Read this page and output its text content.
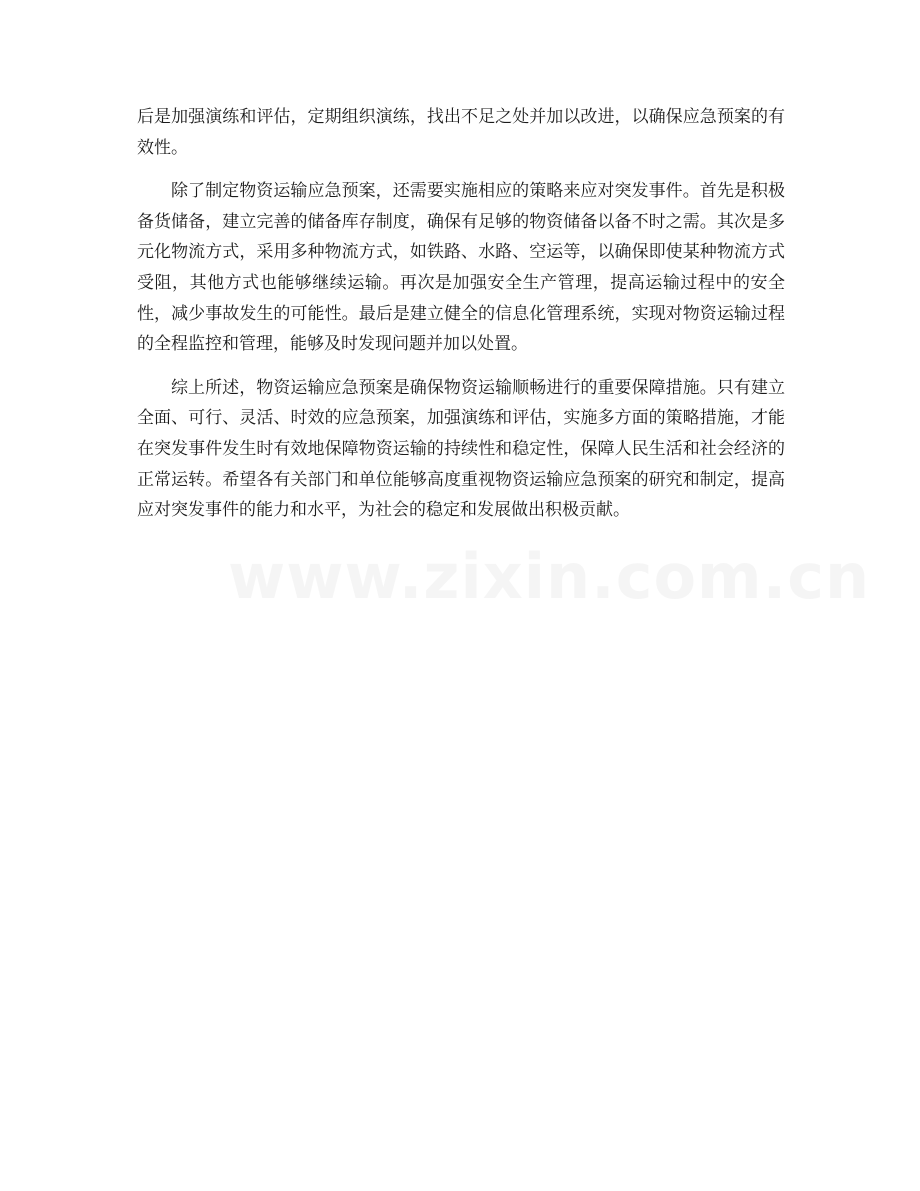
后是加强演练和评估，定期组织演练，找出不足之处并加以改进，以确保应急预案的有效性。

除了制定物资运输应急预案，还需要实施相应的策略来应对突发事件。首先是积极备货储备，建立完善的储备库存制度，确保有足够的物资储备以备不时之需。其次是多元化物流方式，采用多种物流方式，如铁路、水路、空运等，以确保即使某种物流方式受阻，其他方式也能够继续运输。再次是加强安全生产管理，提高运输过程中的安全性，减少事故发生的可能性。最后是建立健全的信息化管理系统，实现对物资运输过程的全程监控和管理，能够及时发现问题并加以处置。

综上所述，物资运输应急预案是确保物资运输顺畅进行的重要保障措施。只有建立全面、可行、灵活、时效的应急预案，加强演练和评估，实施多方面的策略措施，才能在突发事件发生时有效地保障物资运输的持续性和稳定性，保障人民生活和社会经济的正常运转。希望各有关部门和单位能够高度重视物资运输应急预案的研究和制定，提高应对突发事件的能力和水平，为社会的稳定和发展做出积极贡献。

www.zixin.com.cn
